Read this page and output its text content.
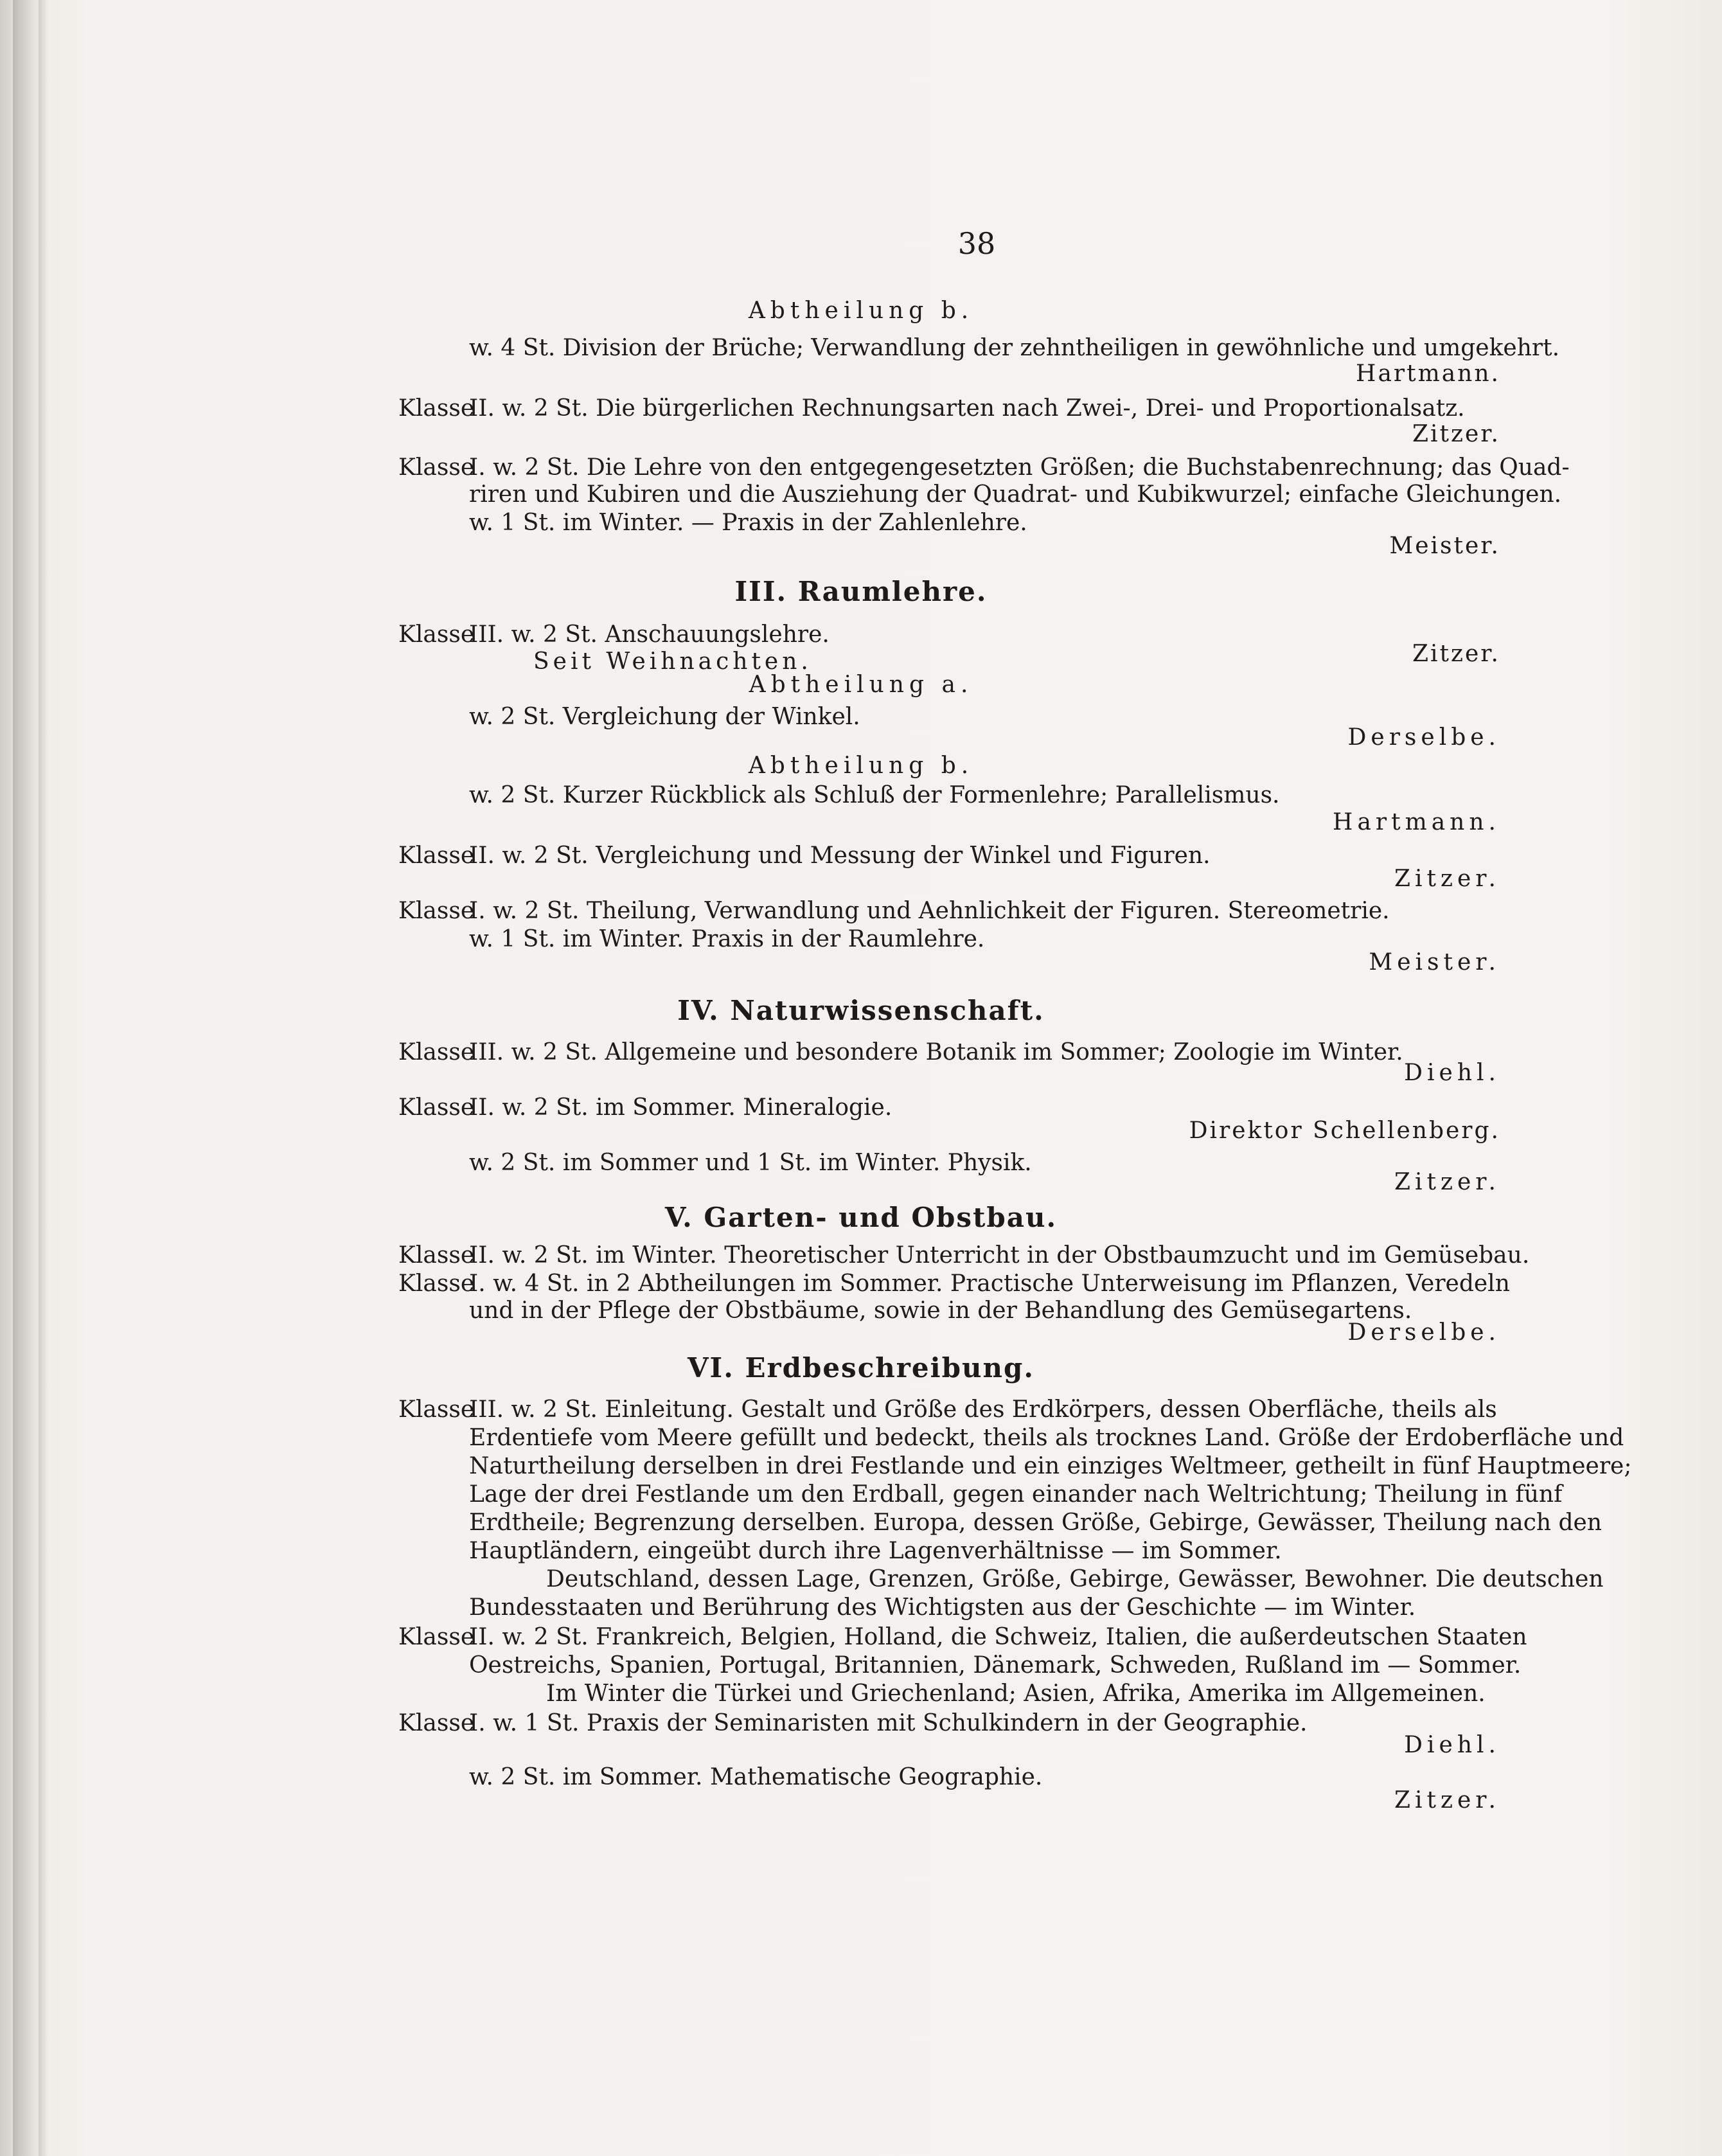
38
Abtheilung b.
w. 4 St. Division der Brüche; Verwandlung der zehntheiligen in gewöhnliche und umgekehrt.
Hartmann.
Klasse
II. w. 2 St. Die bürgerlichen Rechnungsarten nach Zwei-, Drei- und Proportionalsatz.
Zitzer.
Klasse
I. w. 2 St. Die Lehre von den entgegengesetzten Größen; die Buchstabenrechnung; das Quad-
riren und Kubiren und die Ausziehung der Quadrat- und Kubikwurzel; einfache Gleichungen.
w. 1 St. im Winter. — Praxis in der Zahlenlehre.
Meister.
III. Raumlehre.
Klasse
III. w. 2 St. Anschauungslehre.
Seit Weihnachten.	Zitzer.
Abtheilung a.
w. 2 St. Vergleichung der Winkel.
Derselbe.
Abtheilung b.
w. 2 St. Kurzer Rückblick als Schluß der Formenlehre; Parallelismus.
Hartmann.
Klasse
II. w. 2 St. Vergleichung und Messung der Winkel und Figuren.
Zitzer.
Klasse
I. w. 2 St. Theilung, Verwandlung und Aehnlichkeit der Figuren. Stereometrie.
w. 1 St. im Winter. Praxis in der Raumlehre.
Meister.
IV. Naturwissenschaft.
Klasse
III. w. 2 St. Allgemeine und besondere Botanik im Sommer; Zoologie im Winter.
Diehl.
Klasse
II. w. 2 St. im Sommer. Mineralogie.
Direktor Schellenberg.
w. 2 St. im Sommer und 1 St. im Winter. Physik.
Zitzer.
V. Garten- und Obstbau.
Klasse
II. w. 2 St. im Winter. Theoretischer Unterricht in der Obstbaumzucht und im Gemüsebau.
Klasse
I. w. 4 St. in 2 Abtheilungen im Sommer. Practische Unterweisung im Pflanzen, Veredeln
und in der Pflege der Obstbäume, sowie in der Behandlung des Gemüsegartens.
Derselbe.
VI. Erdbeschreibung.
Klasse
III. w. 2 St. Einleitung. Gestalt und Größe des Erdkörpers, dessen Oberfläche, theils als
Erdentiefe vom Meere gefüllt und bedeckt, theils als trocknes Land. Größe der Erdoberfläche und
Naturtheilung derselben in drei Festlande und ein einziges Weltmeer, getheilt in fünf Hauptmeere;
Lage der drei Festlande um den Erdball, gegen einander nach Weltrichtung; Theilung in fünf
Erdtheile; Begrenzung derselben. Europa, dessen Größe, Gebirge, Gewässer, Theilung nach den
Hauptländern, eingeübt durch ihre Lagenverhältnisse — im Sommer.
Deutschland, dessen Lage, Grenzen, Größe, Gebirge, Gewässer, Bewohner. Die deutschen
Bundesstaaten und Berührung des Wichtigsten aus der Geschichte — im Winter.
Klasse
II. w. 2 St. Frankreich, Belgien, Holland, die Schweiz, Italien, die außerdeutschen Staaten
Oestreichs, Spanien, Portugal, Britannien, Dänemark, Schweden, Rußland im — Sommer.
Im Winter die Türkei und Griechenland; Asien, Afrika, Amerika im Allgemeinen.
Klasse
I. w. 1 St. Praxis der Seminaristen mit Schulkindern in der Geographie.
Diehl.
w. 2 St. im Sommer. Mathematische Geographie.
Zitzer.
